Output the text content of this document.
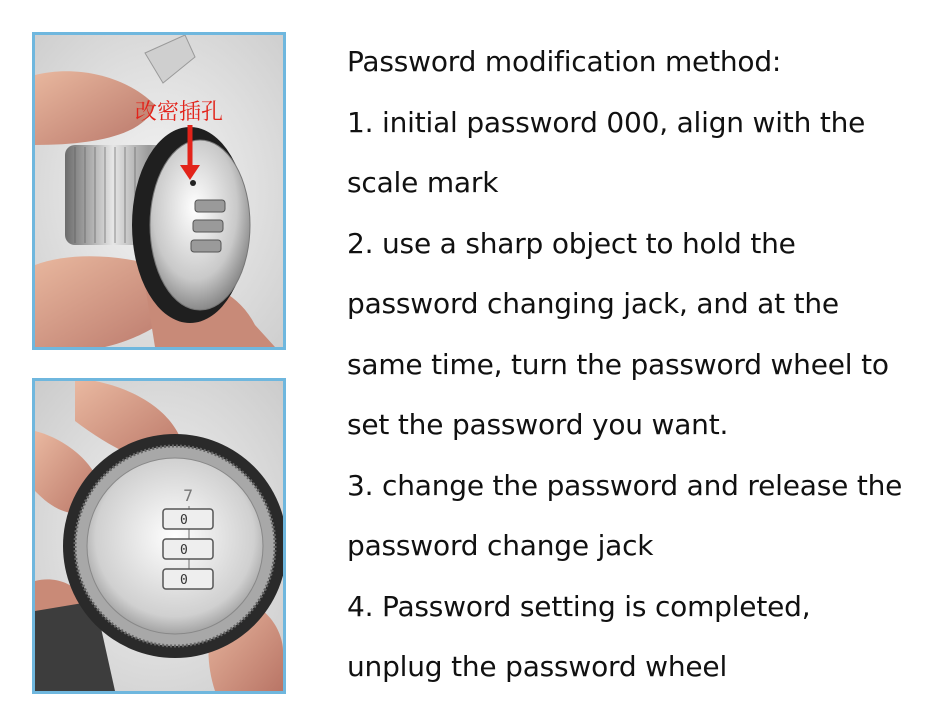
改密插孔
7
0
0
0
Password modification method:
1. initial password 000, align with the
scale mark
2. use a sharp object to hold the
password changing jack, and at the
same time, turn the password wheel to
set the password you want.
3. change the password and release the
password change jack
4. Password setting is completed,
unplug the password wheel
